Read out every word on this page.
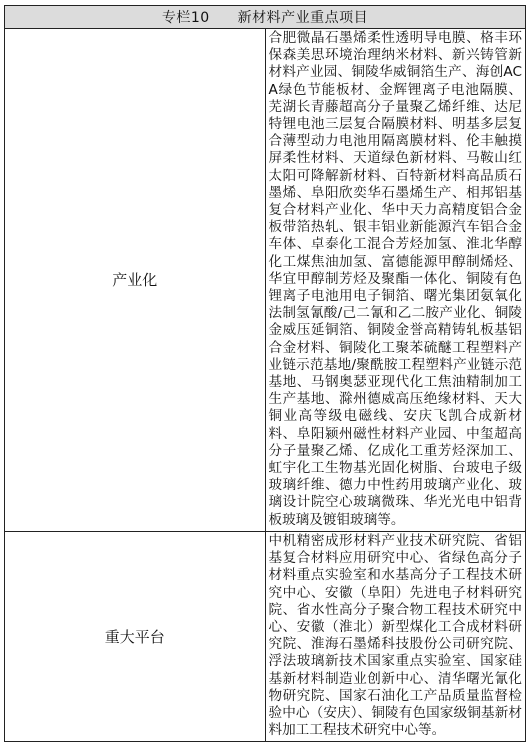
专栏10 新材料产业重点项目	
产业化	合肥微晶石墨烯柔性透明导电膜、格丰环保森美思环境治理纳米材料、新兴铸管新材料产业园、铜陵华威铜箔生产、海创ACA绿色节能板材、金辉锂离子电池隔膜、芜湖长青藤超高分子量聚乙烯纤维、达尼特锂电池三层复合隔膜材料、明基多层复合薄型动力电池用隔离膜材料、伦丰触摸屏柔性材料、天道绿色新材料、马鞍山红太阳可降解新材料、百特新材料高品质石墨烯、阜阳欣奕华石墨烯生产、相邦铝基复合材料产业化、华中天力高精度铝合金板带箔热轧、银丰铝业新能源汽车铝合金车体、卓泰化工混合芳烃加氢、淮北华醇化工煤焦油加氢、富德能源甲醇制烯烃、华宜甲醇制芳烃及聚酯一体化、铜陵有色锂离子电池用电子铜箔、曙光集团氨氧化法制氢氰酸/己二氰和乙二胺产业化、铜陵金威压延铜箔、铜陵金誉高精铸轧板基铝合金材料、铜陵化工聚苯硫醚工程塑料产业链示范基地/聚酰胺工程塑料产业链示范基地、马钢奥瑟亚现代化工焦油精制加工生产基地、滁州德威高压绝缘材料、天大铜业高等级电磁线、安庆飞凯合成新材料、阜阳颍州磁性材料产业园、中玺超高分子量聚乙烯、亿成化工重芳烃深加工、虹宇化工生物基光固化树脂、台玻电子级玻璃纤维、德力中性药用玻璃产业化、玻璃设计院空心玻璃微珠、华光光电中铝背板玻璃及镀钼玻璃等。
重大平台	中机精密成形材料产业技术研究院、省铝基复合材料应用研究中心、省绿色高分子材料重点实验室和水基高分子工程技术研究中心、安徽（阜阳）先进电子材料研究院、省水性高分子聚合物工程技术研究中心、安徽（淮北）新型煤化工合成材料研究院、淮海石墨烯科技股份公司研究院、浮法玻璃新技术国家重点实验室、国家硅基新材料制造业创新中心、清华曙光氰化物研究院、国家石油化工产品质量监督检验中心（安庆）、铜陵有色国家级铜基新材料加工工程技术研究中心等。
